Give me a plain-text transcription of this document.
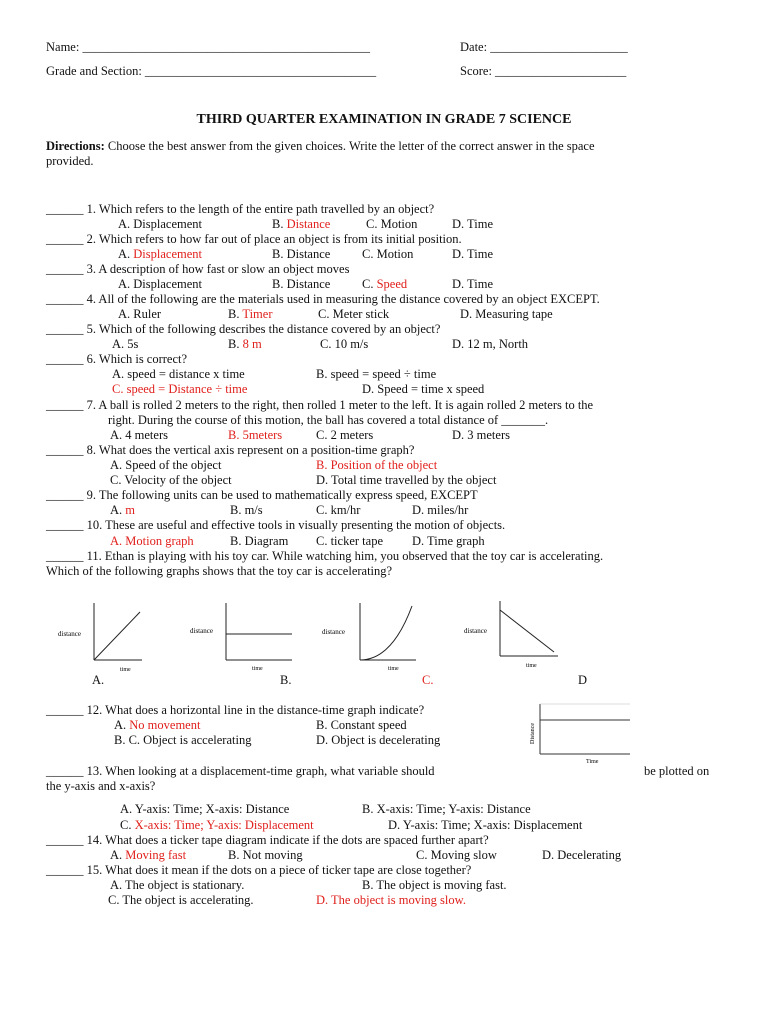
Name: ______________________________________________	Date: ______________________
Grade and Section: _____________________________________	Score: _____________________
THIRD QUARTER EXAMINATION IN GRADE 7 SCIENCE
Directions: Choose the best answer from the given choices. Write the letter of the correct answer in the space
provided.
______ 1. Which refers to the length of the entire path travelled by an object?
A. Displacement	B. Distance	C. Motion	D. Time
______ 2. Which refers to how far out of place an object is from its initial position.
A. Displacement	B. Distance	C. Motion	D. Time
______ 3. A description of how fast or slow an object moves
A. Displacement	B. Distance	C. Speed	D. Time
______ 4. All of the following are the materials used in measuring the distance covered by an object EXCEPT.
A. Ruler	B. Timer	C. Meter stick	D. Measuring tape
______ 5. Which of the following describes the distance covered by an object?
A. 5s	B. 8 m	C. 10 m/s	D. 12 m, North
______ 6. Which is correct?
A. speed = distance x time	B. speed = speed ÷ time
C. speed = Distance ÷ time	D. Speed = time x speed
______ 7. A ball is rolled 2 meters to the right, then rolled 1 meter to the left. It is again rolled 2 meters to the
right. During the course of this motion, the ball has covered a total distance of _______.
A. 4 meters	B. 5meters	C. 2 meters	D. 3 meters
______ 8. What does the vertical axis represent on a position-time graph?
A. Speed of the object	B. Position of the object
C. Velocity of the object	D. Total time travelled by the object
______ 9. The following units can be used to mathematically express speed, EXCEPT
A. m	B. m/s	C. km/hr	D. miles/hr
______ 10. These are useful and effective tools in visually presenting the motion of objects.
A. Motion graph	B. Diagram C. ticker tape D. Time graph
______ 11. Ethan is playing with his toy car. While watching him, you observed that the toy car is accelerating.
Which of the following graphs shows that the toy car is accelerating?
distance
time
distance
time
distance
time
distance
time
A.	B.	C.	D
______ 12. What does a horizontal line in the distance-time graph indicate?
A. No movement	B. Constant speed
B. C. Object is accelerating	D. Object is decelerating	Distance
Time
______ 13. When looking at a displacement-time graph, what variable should	be plotted on
the y-axis and x-axis?
A. Y-axis: Time; X-axis: Distance	B. X-axis: Time; Y-axis: Distance
C. X-axis: Time; Y-axis: Displacement	D. Y-axis: Time; X-axis: Displacement
______ 14. What does a ticker tape diagram indicate if the dots are spaced further apart?
A. Moving fast	B. Not moving	C. Moving slow	D. Decelerating
______ 15. What does it mean if the dots on a piece of ticker tape are close together?
A. The object is stationary.	B. The object is moving fast.
C. The object is accelerating.	D. The object is moving slow.
